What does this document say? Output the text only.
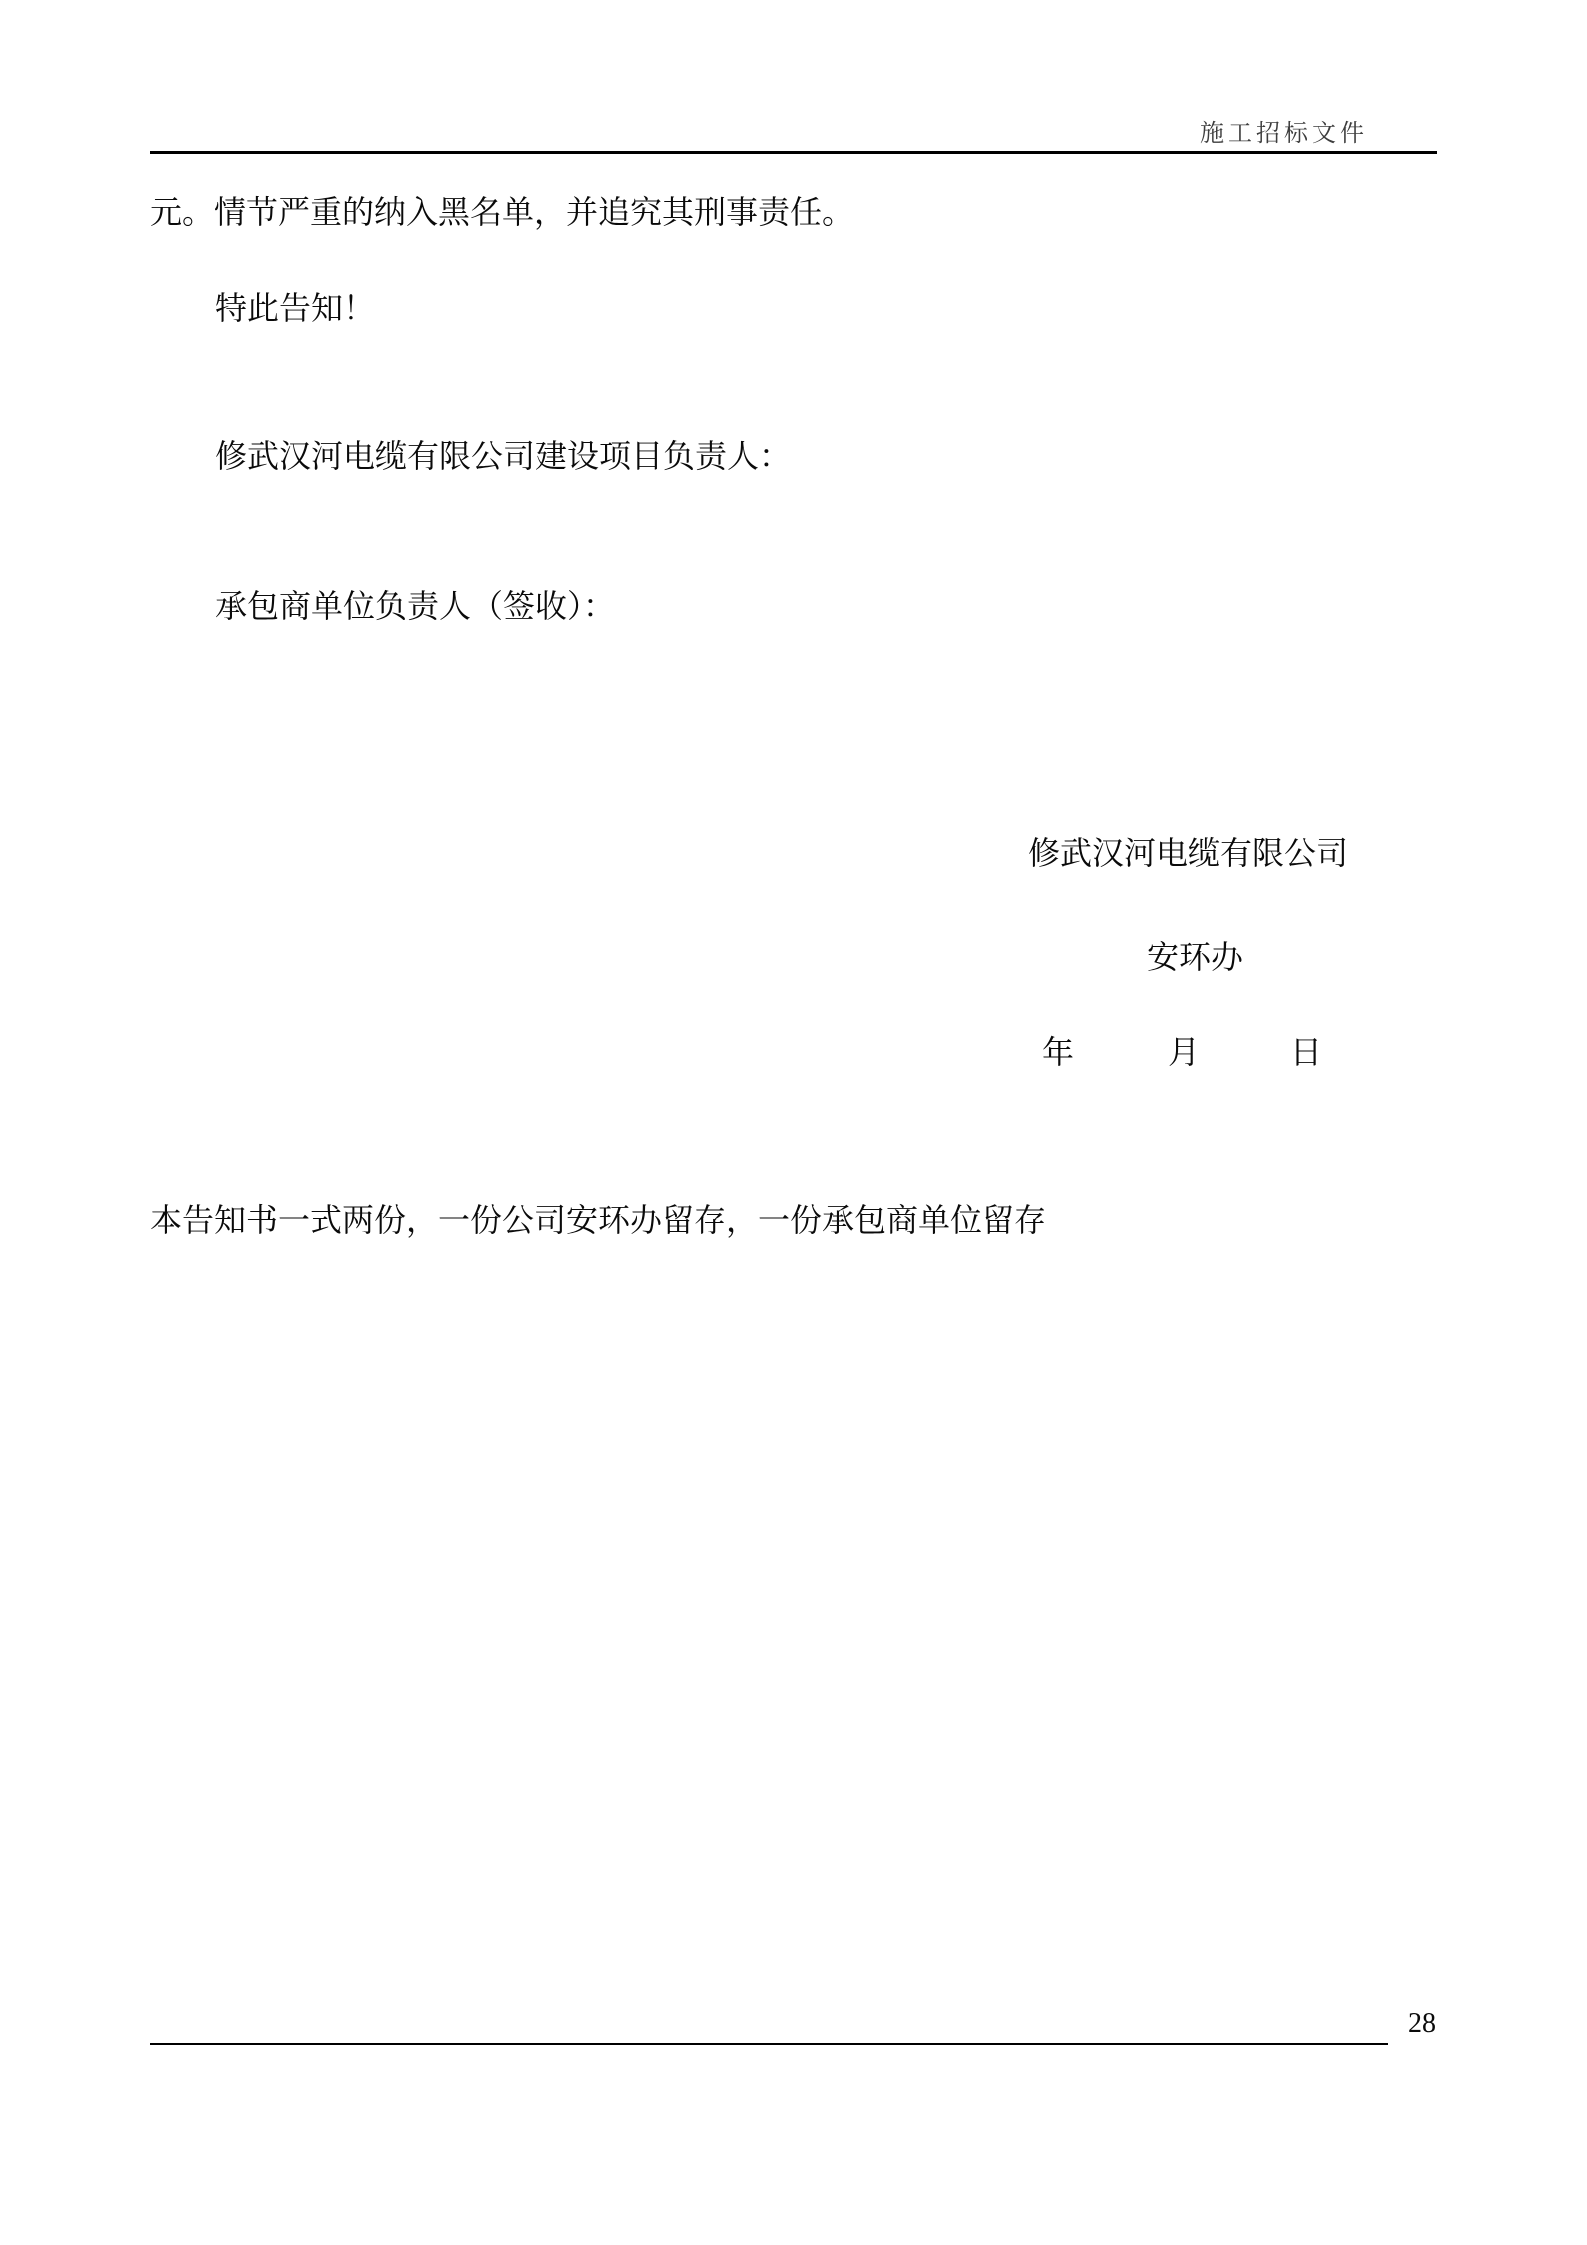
施工招标文件
元。情节严重的纳入黑名单，并追究其刑事责任。
特此告知！
修武汉河电缆有限公司建设项目负责人：
承包商单位负责人（签收）：
修武汉河电缆有限公司
安环办
年	月	日
本告知书一式两份，一份公司安环办留存，一份承包商单位留存
28
